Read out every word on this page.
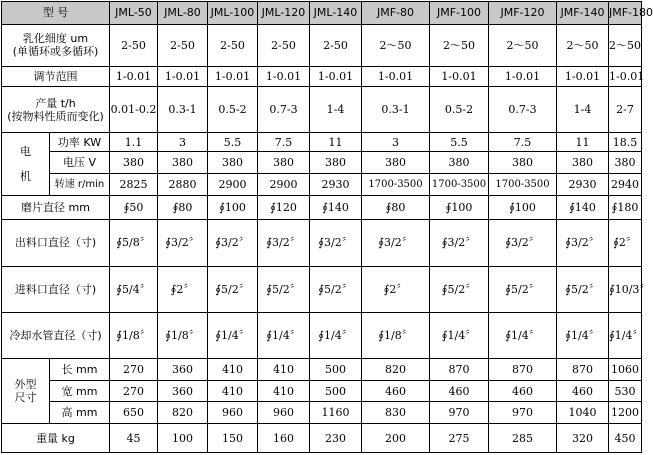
型 号		JML-50	JML-80	JML-100	JML-120	JML-140	JMF-80	JMF-100	JMF-120	JMF-140	JMF-180

乳化细度 um
(单循环或多循环)		2-50	2-50	2-50	2-50	2-50	2～50	2～50	2～50	2～50	2～50
调节范围		1-0.01	1-0.01	1-0.01	1-0.01	1-0.01	1-0.01	1-0.01	1-0.01	1-0.01	1-0.01

产量 t/h
(按物料性质而变化)		0.01-0.2	0.3-1	0.5-2	0.7-3	1-4	0.3-1	0.5-2	0.7-3	1-4	2-7

电
机	功率 KW	1.1	3	5.5	7.5	11	3	5.5	7.5	11	18.5
	电压 V	380	380	380	380	380	380	380	380	380	380
	转速 r/min	2825	2880	2900	2900	2930	1700-3500	1700-3500	1700-3500	2930	2940
磨片直径 mm		∮50	∮80	∮100	∮120	∮140	∮80	∮100	∮100	∮140	∮180
出料口直径（寸)		∮5/8〞	∮3/2〞	∮3/2〞	∮3/2〞	∮3/2〞	∮3/2〞	∮3/2〞	∮3/2〞	∮3/2〞	∮2〞
进料口直径（寸)		∮5/4〞	∮2〞	∮5/2〞	∮5/2〞	∮5/2〞	∮2〞	∮5/2〞	∮5/2〞	∮5/2〞	∮10/3〞
冷却水管直径（寸)		∮1/8〞	∮1/8〞	∮1/4〞	∮1/4〞	∮1/4〞	∮1/8〞	∮1/4〞	∮1/4〞	∮1/4〞	∮1/4〞

外型
尺寸	长 mm	270	360	410	410	500	820	870	870	870	1060
	宽 mm	270	360	410	410	500	460	460	460	460	530
	高 mm	650	820	960	960	1160	830	970	970	1040	1200
重量 kg		45	100	150	160	230	200	275	285	320	450
